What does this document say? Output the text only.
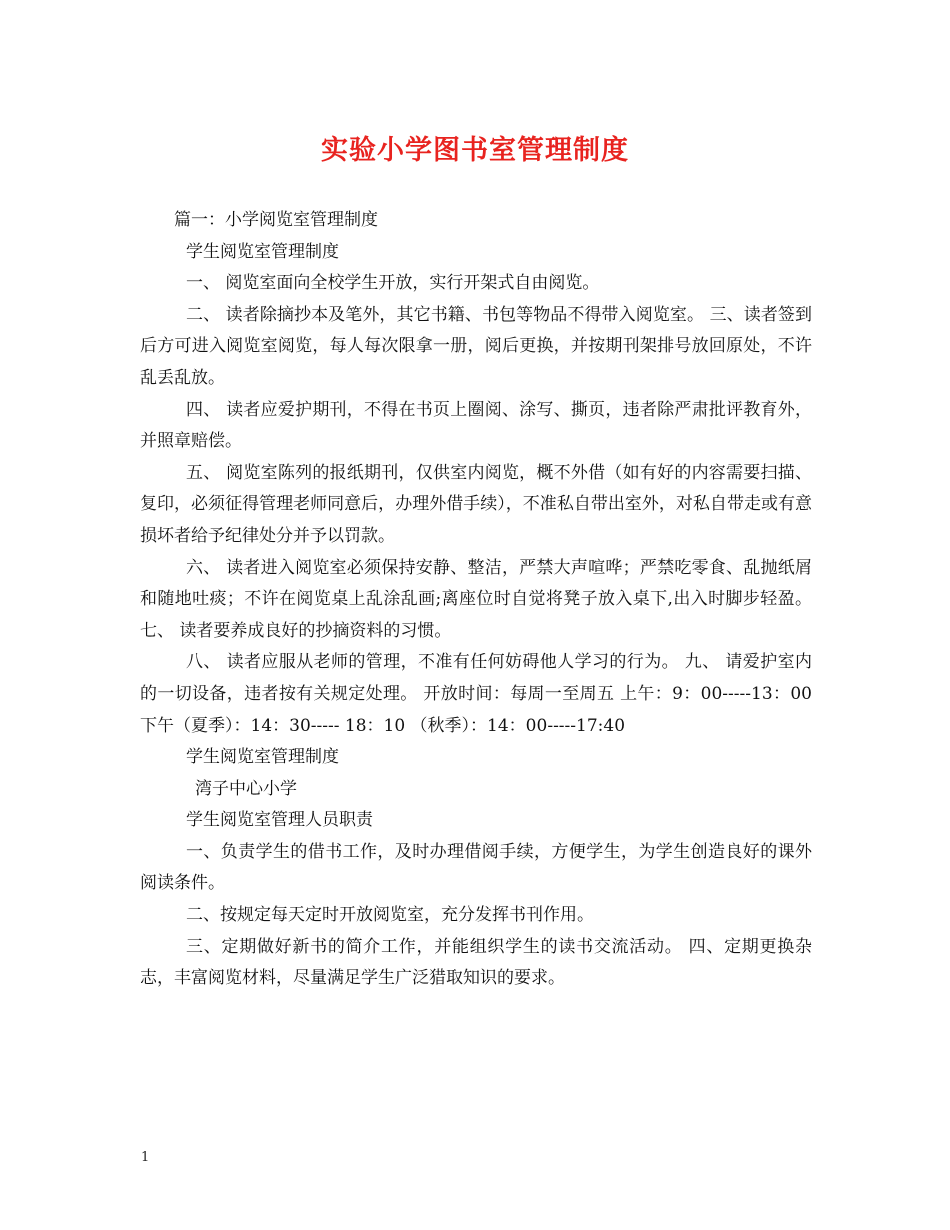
实验小学图书室管理制度

篇一：小学阅览室管理制度

学生阅览室管理制度

一、 阅览室面向全校学生开放，实行开架式自由阅览。

二、 读者除摘抄本及笔外，其它书籍、书包等物品不得带入阅览室。 三、读者签到后方可进入阅览室阅览，每人每次限拿一册，阅后更换，并按期刊架排号放回原处，不许乱丢乱放。

四、 读者应爱护期刊，不得在书页上圈阅、涂写、撕页，违者除严肃批评教育外，并照章赔偿。

五、 阅览室陈列的报纸期刊，仅供室内阅览，概不外借（如有好的内容需要扫描、复印，必须征得管理老师同意后，办理外借手续），不准私自带出室外，对私自带走或有意损坏者给予纪律处分并予以罚款。

六、 读者进入阅览室必须保持安静、整洁，严禁大声喧哗；严禁吃零食、乱抛纸屑和随地吐痰；不许在阅览桌上乱涂乱画;离座位时自觉将凳子放入桌下,出入时脚步轻盈。 七、 读者要养成良好的抄摘资料的习惯。

八、 读者应服从老师的管理，不准有任何妨碍他人学习的行为。 九、 请爱护室内的一切设备，违者按有关规定处理。 开放时间：每周一至周五 上午：9：00-----13：00 下午（夏季）：14：30----- 18：10 （秋季）：14：00-----17:40

学生阅览室管理制度

湾子中心小学

学生阅览室管理人员职责

一、负责学生的借书工作，及时办理借阅手续，方便学生，为学生创造良好的课外阅读条件。

二、按规定每天定时开放阅览室，充分发挥书刊作用。

三、定期做好新书的简介工作，并能组织学生的读书交流活动。 四、定期更换杂志，丰富阅览材料，尽量满足学生广泛猎取知识的要求。

1
